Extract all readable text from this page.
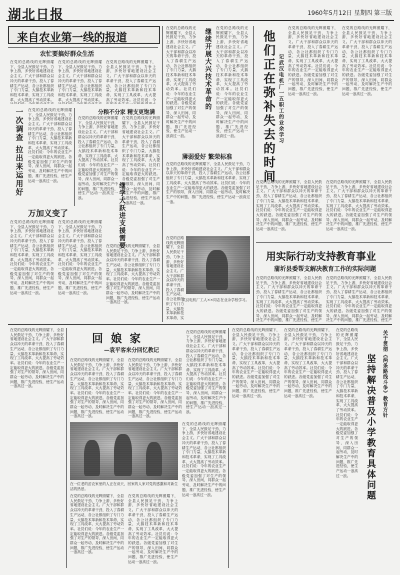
湖北日报	1960年5月12日 星期四 第三版
来自农业第一线的报道
农忙要搞好群众生活
在党的总路线的光辉照耀下，全县人民鼓足干劲，力争上游，多快好省地建设社会主义。广大干部和群众以冲天的革命干劲，投入了春耕生产运动，各公社都组织了专门力量，大搞技术革新和技术革命，实现了工具改革，大大提高了劳动效率。
在党的总路线的光辉照耀下，全县人民鼓足干劲，力争上游，多快好省地建设社会主义。广大干部和群众以冲天的革命干劲，投入了春耕生产运动，各公社都组织了专门力量，大搞技术革新和技术革命，实现了工具改革，大大提高了劳动效率。
在党的总路线的光辉照耀下，全县人民鼓足干劲，力争上游，多快好省地建设社会主义。广大干部和群众以冲天的革命干劲，投入了春耕生产运动，各公社都组织了专门力量，大搞技术革新和技术革命，实现了工具改革，大大提高了劳动效率。社员们说：今
一次调查 拉出来运用好 在党的总路线的光辉照耀下，全县人民鼓足干劲，力争上游，多快好省地建设社会主义。广大干部和群众以冲天的革命干劲，投入了春耕生产运动，各公社都组织了专门力量，大搞技术革新和技术革命，实现了工具改革，大大提高了劳动效率。社员们说：今年的农业生产一定能取得更大的跃进。各级党委加强了对生产的领导，深入田间，同群众一起劳动，及时解决生产中的问题，推广先进经验，使生产运动一浪高过一浪。
分粮不分家 精支更饱满
在党的总路线的光辉照耀下，全县人民鼓足干劲，力争上游，多快好省地建设社会主义。广大干部和群众以冲天的革命干劲，投入了春耕生产运动，各公社都组织了专门力量，大搞技术革新和技术革命，实现了工具改革，大大提高了劳动效率。社员们说：今年的农业生产一定能取得更大的跃进。各级党委加强了对生产的领导，深入田间，同群众一起劳动，及时解决生产中的问题，推广先进经验，使生产运动一浪高过一浪。
在党的总路线的光辉照耀下，全县人民鼓足干劲，力争上游，多快好省地建设社会主义。广大干部和群众以冲天的革命干劲，投入了春耕生产运动，各公社都组织了专门力量，大搞技术革新和技术革命，实现了工具改革，大大提高了劳动效率。社员们说：今年的农业生产一定能取得更大的跃进。各级党委加强了对生产的领导，深入田间，同群众一起劳动，及时解决生产中的问题，推广先进经验，使生产运动一浪高过一浪。
万加义变了
在党的总路线的光辉照耀下，全县人民鼓足干劲，力争上游，多快好省地建设社会主义。广大干部和群众以冲天的革命干劲，投入了春耕生产运动，各公社都组织了专门力量，大搞技术革新和技术革命，实现了工具改革，大大提高了劳动效率。社员们说：今年的农业生产一定能取得更大的跃进。各级党委加强了对生产的领导，深入田间，同群众一起劳动，及时解决生产中的问题，推广先进经验，使生产运动一浪高过一浪。
在党的总路线的光辉照耀下，全县人民鼓足干劲，力争上游，多快好省地建设社会主义。广大干部和群众以冲天的革命干劲，投入了春耕生产运动，各公社都组织了专门力量，大搞技术革新和技术革命，实现了工具改革，大大提高了劳动效率。社员们说：今年的农业生产一定能取得更大的跃进。各级党委加强了对生产的领导，深入田间，同群众一起劳动，及时解决生产中的问题，推广先进经验，使生产运动一浪高过一浪。
继学大跃进支援需要
在党的总路线的光辉照耀下，全县人民鼓足干劲，力争上游，多快好省地建设社会主义。广大干部和群众以冲天的革命干劲，投入了春耕生产运动，各公社都组织了专门力量，大搞技术革新和技术革命，实现了工具改革，大大提高了劳动效率。社员们说：今年的农业生产一定能取得更大的跃进。各级党委加强了对生产的领导，深入田间，同群众一起劳动，及时解决生产中的问题，推广先进经验，使生产运动一浪高过一浪。
在党的总路线的光辉照耀下，全县人民鼓足干劲，力争上游，多快好省地建设社会主义。广大干部和群众以冲天的革命干劲，投入了春耕生产运动，各公社都组织了专门力量，大搞技术革新和技术革命，实现了工具改革，大大提高了劳动效率。社员们说：今年的农业生产一定能取得更大的跃进。各级党委加强了对生产的领导，深入田间，同群众一起劳动，及时解决生产中的问题，推广先进经验，使生产运动一浪高过一浪。
继续开展大兴技术革命的 在党的总路线的光辉照耀下，全县人民鼓足干劲，力争上游，多快好省地建设社会主义。广大干部和群众以冲天的革命干劲，投入了春耕生产运动，各公社都组织了专门力量，大搞技术革新和技术革命，实现了工具改革，大大提高了劳动效率。社员们说：今年的农业生产一定能取得更大的跃进。各级党委加强了对生产的领导，深入田间，同群众一起劳动，及时解决生产中的问题，推广先进经验，使生产运动一浪高过一浪。
薄弱爱好 繁荣标准
在党的总路线的光辉照耀下，全县人民鼓足干劲，力争上游，多快好省地建设社会主义。广大干部和群众以冲天的革命干劲，投入了春耕生产运动，各公社都组织了专门力量，大搞技术革新和技术革命，实现了工具改革，大大提高了劳动效率。社员们说：今年的农业生产一定能取得更大的跃进。各级党委加强了对生产的领导，深入田间，同群众一起劳动，及时解决生产中的问题，推广先进经验，使生产运动一浪高过一浪。
武汉电机厂工人××同志在业余学校学习。
在党的总路线的光辉照耀下，全县人民鼓足干劲，力争上游，多快好省地建设社会主义。广大干部和群众以冲天的革命干劲，投入了春耕生产运动，各公社都组织了专门力量，大搞技术革新和技术革命，实
他们正在弥补失去的时间 记武汉电机厂一五职工的业余学习
在党的总路线的光辉照耀下，全县人民鼓足干劲，力争上游，多快好省地建设社会主义。广大干部和群众以冲天的革命干劲，投入了春耕生产运动，各公社都组织了专门力量，大搞技术革新和技术革命，实现了工具改革，大大提高了劳动效率。社员们说：今年的农业生产一定能取得更大的跃进。各级党委加强了对生产的领导，深入田间，同群众一起劳动，及时解决生产中的问题，推广先进经验，使生产运动一浪高过一浪。
在党的总路线的光辉照耀下，全县人民鼓足干劲，力争上游，多快好省地建设社会主义。广大干部和群众以冲天的革命干劲，投入了春耕生产运动，各公社都组织了专门力量，大搞技术革新和技术革命，实现了工具改革，大大提高了劳动效率。社员们说：今年的农业生产一定能取得更大的跃进。各级党委加强了对生产的领导，深入田间，同群众一起劳动，及时解决生产中的问题，推广先进经验，使生产运动一浪高过一浪。
在党的总路线的光辉照耀下，全县人民鼓足干劲，力争上游，多快好省地建设社会主义。广大干部和群众以冲天的革命干劲，投入了春耕生产运动，各公社都组织了专门力量，大搞技术革新和技术革命，实现了工具改革，大大提高了劳动效率。社员们说：今年的农业生产一定能取得更大的跃进。各级党委加强了对生产的领导，深入田间，同群众一起劳动，及时解决生产中的问题，推广先进经验，使生产运动一浪高过一浪。
在党的总路线的光辉照耀下，全县人民鼓足干劲，力争上游，多快好省地建设社会主义。广大干部和群众以冲天的革命干劲，投入了春耕生产运动，各公社都组织了专门力量，大搞技术革新和技术革命，实现了工具改革，大大提高了劳动效率。社员们说：今年的农业生产一定能取得更大的跃进。各级党委加强了对生产的领导，深入田间，同群众一起劳动，及时解决生产中的问题，推广先进经验，使生产运动一浪高过一浪。
用实际行动支持教育事业
蒲圻县委帮支解决教育工作的实际问题
在党的总路线的光辉照耀下，全县人民鼓足干劲，力争上游，多快好省地建设社会主义。广大干部和群众以冲天的革命干劲，投入了春耕生产运动，各公社都组织了专门力量，大搞技术革新和技术革命，实现了工具改革，大大提高了劳动效率。社员们说：今年的农业生产一定能取得更大的跃进。各级党委加强了对生产的领导，深入田间，同群众一起劳动，及时解决生产中的问题，推广先进经验，使生产
在党的总路线的光辉照耀下，全县人民鼓足干劲，力争上游，多快好省地建设社会主义。广大干部和群众以冲天的革命干劲，投入了春耕生产运动，各公社都组织了专门力量，大搞技术革新和技术革命，实现了工具改革，大大提高了劳动效率。社员们说：今年的农业生产一定能取得更大的跃进。各级党委加强了对生产的领导，深入田间，同群众一起劳动，及时解决生产中的问题，推广先进经验，使生产
在党的总路线的光辉照耀下，全县人民鼓足干劲，力争上游，多快好省地建设社会主义。广大干部和群众以冲天的革命干劲，投入了春耕生产运动，各公社都组织了专门力量，大搞技术革新和技术革命，实现了工具改革，大大提高了劳动效率。社员们说：今年的农业生产一定能取得更大的跃进。各级党委加强了对生产的领导，深入田间，同群众一起劳动，及时解决生产中的问题，推广先进经验，使生产运动一浪高过一浪。
回 娘 家
—袁平客来分回忆教记
在党的总路线的光辉照耀下，全县人民鼓足干劲，力争上游，多快好省地建设社会主义。广大干部和群众以冲天的革命干劲，投入了春耕生产运动，各公社都组织了专门力量，大搞技术革新和技术革命，实现了工具改革，大大提高了劳动效率。社员们说：今年的农业生产一定能取得更大的跃进。各级党委加强了对生产的领导，深入田间，同群众一起劳动，及时解决生产中的问题，推广先进经验，使生产运动一浪高过一浪。
在党的总路线的光辉照耀下，全县人民鼓足干劲，力争上游，多快好省地建设社会主义。广大干部和群众以冲天的革命干劲，投入了春耕生产运动，各公社都组织了专门力量，大搞技术革新和技术革命，实现了工具改革，大大提高了劳动效率。社员们说：今年的农业生产一定能取得更大的跃进。各级党委加强了对生产的领导，深入田间，同群众一起劳动，及时解决生产中的问题，推广先进经验，使生产运动一浪高过一浪。
在党的总路线的光辉照耀下，全县人民鼓足干劲，力争上游，多快好省地建设社会主义。广大干部和群众以冲天的革命干劲，投入了春耕生产运动，各公社都组织了专门力量，大搞技术革新和技术革命，实现了工具改革，大大提高了劳动效率。社员们说：今年的农业生产一定能取得更大的跃进。各级党委加强了对生产的领导，深入田间，同群众一起劳动，及时解决生产中的问题，推广先进经验，使生产运动一浪高过一浪。
在一位老的贫农家里的人正在谈天，回家的人家对党的感激和对新生活的热爱。
在党的总路线的光辉照耀下，全县人民鼓足干劲，力争上游，多快好省地建设社会主义。广大干部和群众以冲天的革命干劲，投入了春耕生产运动，各公社都组织了专门力量，大搞技术革新和技术革命，实现了工具改革，大大提高了劳动效率。社员们说：今年的农业生产一定能取得更大的跃进。各级党委加强了对生产的领导，深入田间，同群众一起劳动，及时解决生产中的问题，推广先进经验，使生产运动一浪高过一浪。
在党的总路线的光辉照耀下，全县人民鼓足干劲，力争上游，多快好省地建设社会主义。广大干部和群众以冲天的革命干劲，投入了春耕生产运动，各公社都组织了专门力量，大搞技术革新和技术革命，实现了工具改革，大大提高了劳动效率。社员们说：今年的农业生产一定能取得更大的跃进。各级党委加强了对生产的领导，深入田间，同群众一起劳动，及时解决生产中的问题，推广先进经验，使生产运动一浪高过一浪。
在党的总路线的光辉照耀下，全县人民鼓足干劲，力争上游，多快好省地建设社会主义。广大干部和群众以冲天的革命干劲，投入了春耕生产运动，各公社都组织了专门力量，大搞技术革新和技术革命，实现了工具改革，大大提高了劳动效率。社员们说：今年的农业生产一定能取得更大的跃进。各级党委加强了对生产的领导，深入田间，同群众一起劳动，及时解决生产中的问题，推广先进经验，使生产运动一浪高过一浪。
在党的总路线的光辉照耀下，全县人民鼓足干劲，力争上游，多快好省地建设社会主义。广大干部和群众以冲天的革命干劲，投入了春耕生产运动，各公社都组织了专门力量，大搞技术革新和技术革命，实现了工具改革，大大提高了劳动效率。社员们说：今年的农业生产一定能取得更大的跃进。各级党委加强了对生产的领导，深入田间，同群众一起劳动，及时解决生产中的问题，推广先进经验，使生产运动一浪高过一浪。
在党的总路线的光辉照耀下，全县人民鼓足干劲，力争上游，多快好省地建设社会主义。广大干部和群众以冲天的革命干劲，投入了春耕生产运动，各公社都组织了专门力量，大搞技术革新和技术革命，实现了工具改革，大大提高了劳动效率。社员们说：今年的农业生产一定能取得更大的跃进。各级党委加强了对生产的领导，深入田间，同群众一起劳动，及时解决生产中的问题，推广先进经验，使生产运动一浪高过一浪。
在党的总路线的光辉照耀下，全县人民鼓足干劲，力争上游，多快好省地建设社会主义。广大干部和群众以冲天的革命干劲，投入了春耕生产运动，各公社都组织了专门力量，大搞技术革新和技术革命，实现了工具改革，大大提高了劳动效率。社员们说：今年的农业生产一定能取得更大的跃进。各级党委加强了对生产的领导，深入田间，同群众一起劳动，及时解决生产中的问题，推广先进经验，使生产运动一浪高过一浪。
关于贯彻《两条路线斗争》教育方针
坚持解决普及小学教育具体问题
